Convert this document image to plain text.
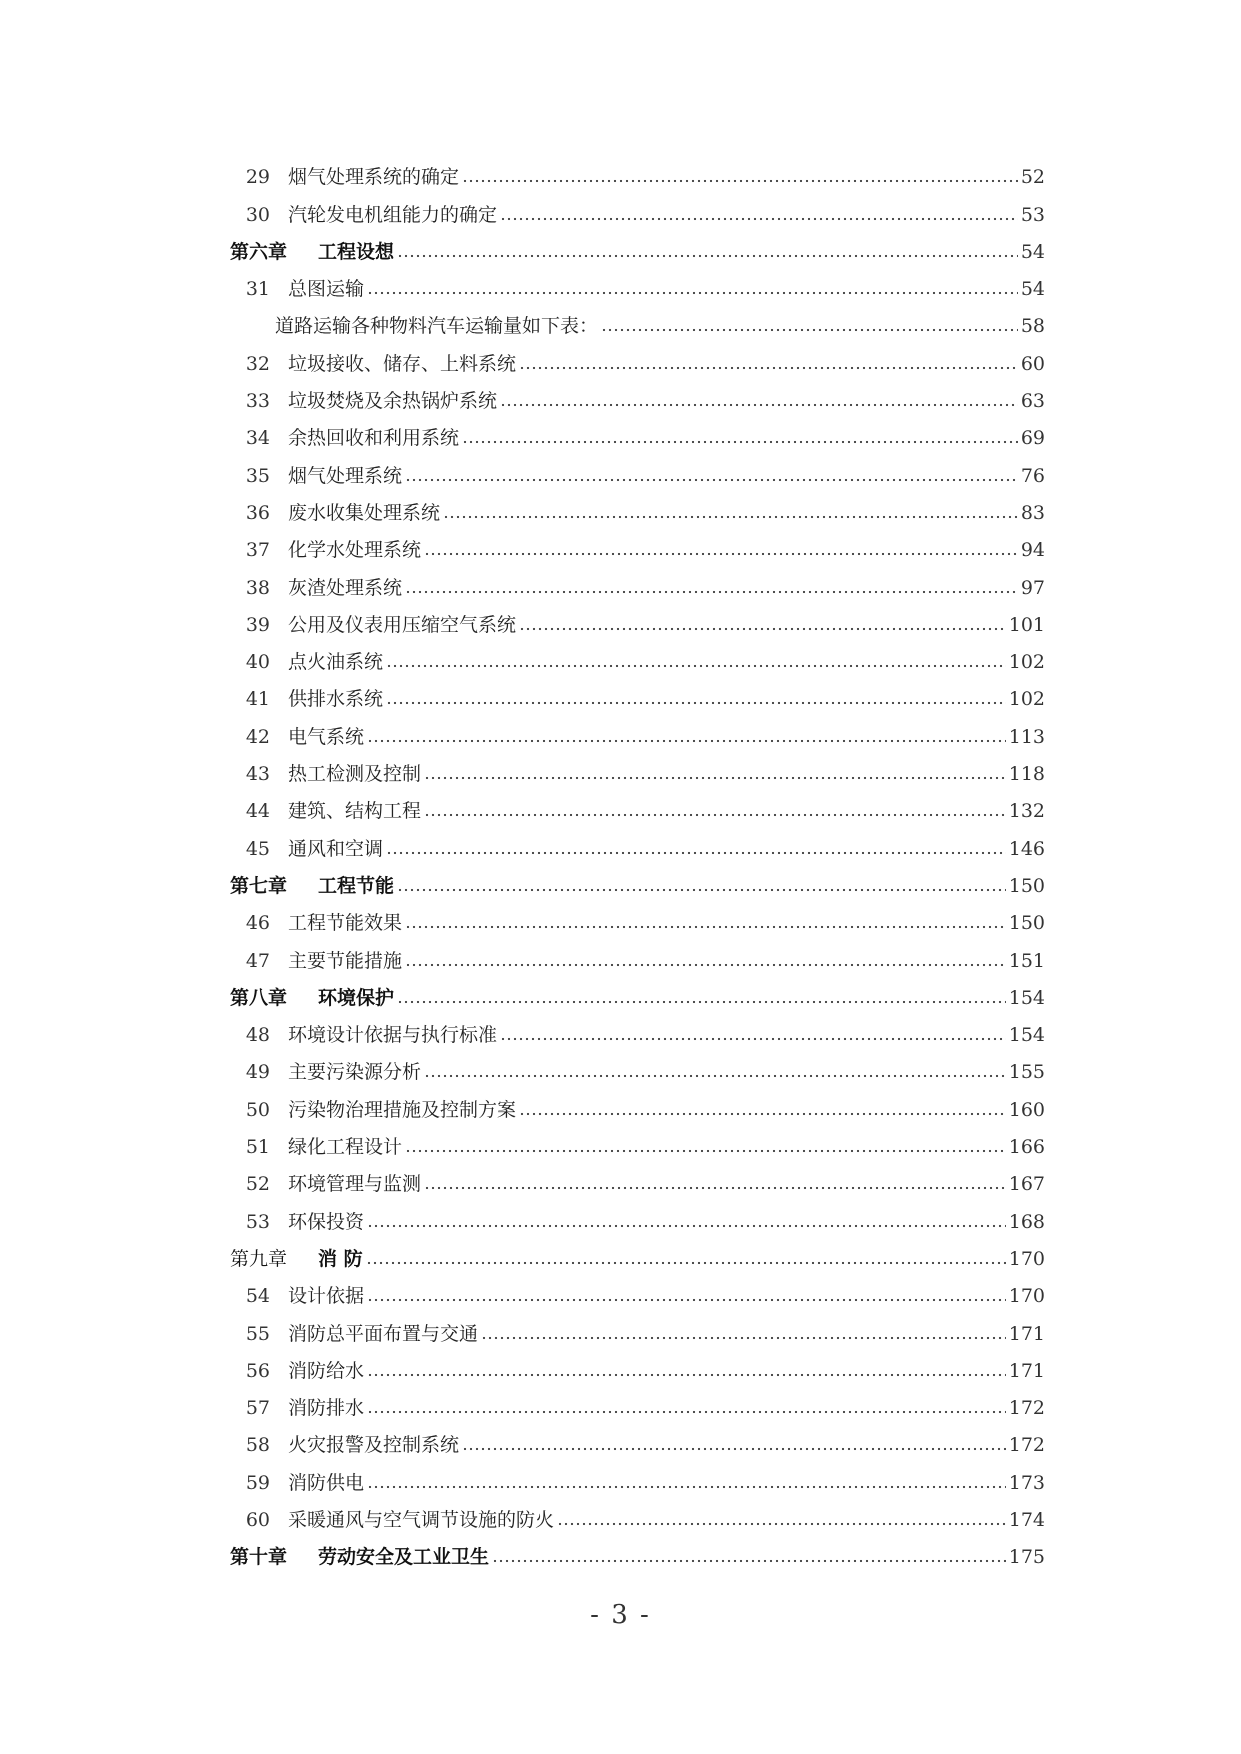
29 烟气处理系统的确定	52
30 汽轮发电机组能力的确定	53
第六章	工程设想	54
31 总图运输	54
道路运输各种物料汽车运输量如下表：	58
32 垃圾接收、储存、上料系统	60
33 垃圾焚烧及余热锅炉系统	63
34 余热回收和利用系统	69
35 烟气处理系统	76
36 废水收集处理系统	83
37 化学水处理系统	94
38 灰渣处理系统	97
39 公用及仪表用压缩空气系统	101
40 点火油系统	102
41 供排水系统	102
42 电气系统	113
43 热工检测及控制	118
44 建筑、结构工程	132
45 通风和空调	146
第七章	工程节能	150
46 工程节能效果	150
47 主要节能措施	151
第八章	环境保护	154
48 环境设计依据与执行标准	154
49 主要污染源分析	155
50 污染物治理措施及控制方案	160
51 绿化工程设计	166
52 环境管理与监测	167
53 环保投资	168
第九章	消 防	170
54 设计依据	170
55 消防总平面布置与交通	171
56 消防给水	171
57 消防排水	172
58 火灾报警及控制系统	172
59 消防供电	173
60 采暖通风与空气调节设施的防火	174
第十章	劳动安全及工业卫生	175
- 3 -
